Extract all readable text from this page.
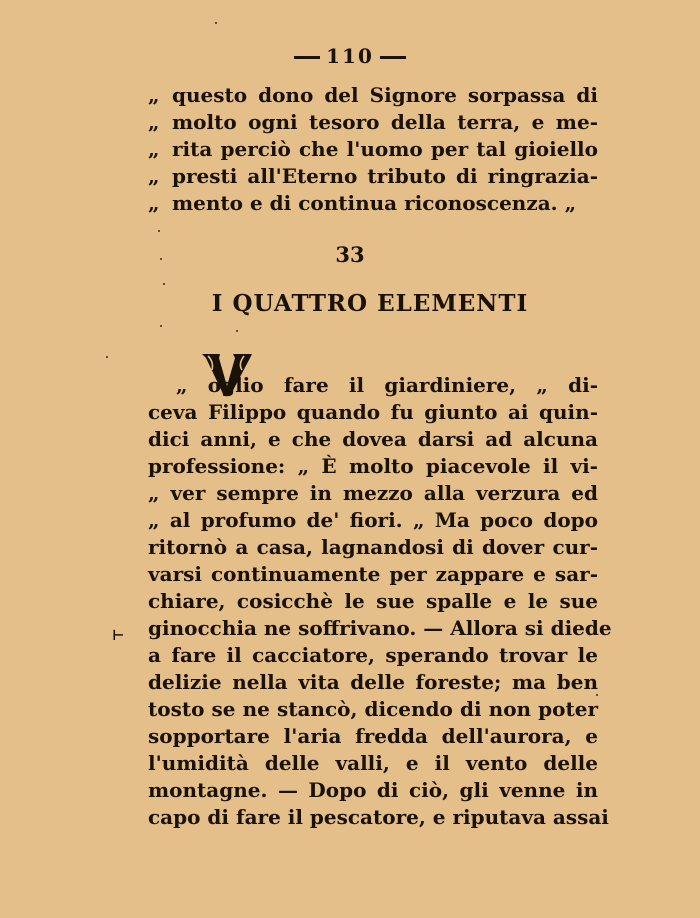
110
„ questo dono del Signore sorpassa di
„ molto ogni tesoro della terra, e me-
„ rita perciò che l'uomo per tal gioiello
„ presti all'Eterno tributo di ringrazia-
„ mento e di continua riconoscenza. „
33
I QUATTRO ELEMENTI
„ oglio fare il giardiniere, „ di-
ceva Filippo quando fu giunto ai quin-
dici anni, e che dovea darsi ad alcuna
professione: „ È molto piacevole il vi-
„ ver sempre in mezzo alla verzura ed
„ al profumo de' fiori. „ Ma poco dopo
ritornò a casa, lagnandosi di dover cur-
varsi continuamente per zappare e sar-
chiare, cosicchè le sue spalle e le sue
ginocchia ne soffrivano. — Allora si diede
a fare il cacciatore, sperando trovar le
delizie nella vita delle foreste; ma ben
tosto se ne stancò, dicendo di non poter
sopportare l'aria fredda dell'aurora, e
l'umidità delle valli, e il vento delle
montagne. — Dopo di ciò, gli venne in
capo di fare il pescatore, e riputava assai
⊢
